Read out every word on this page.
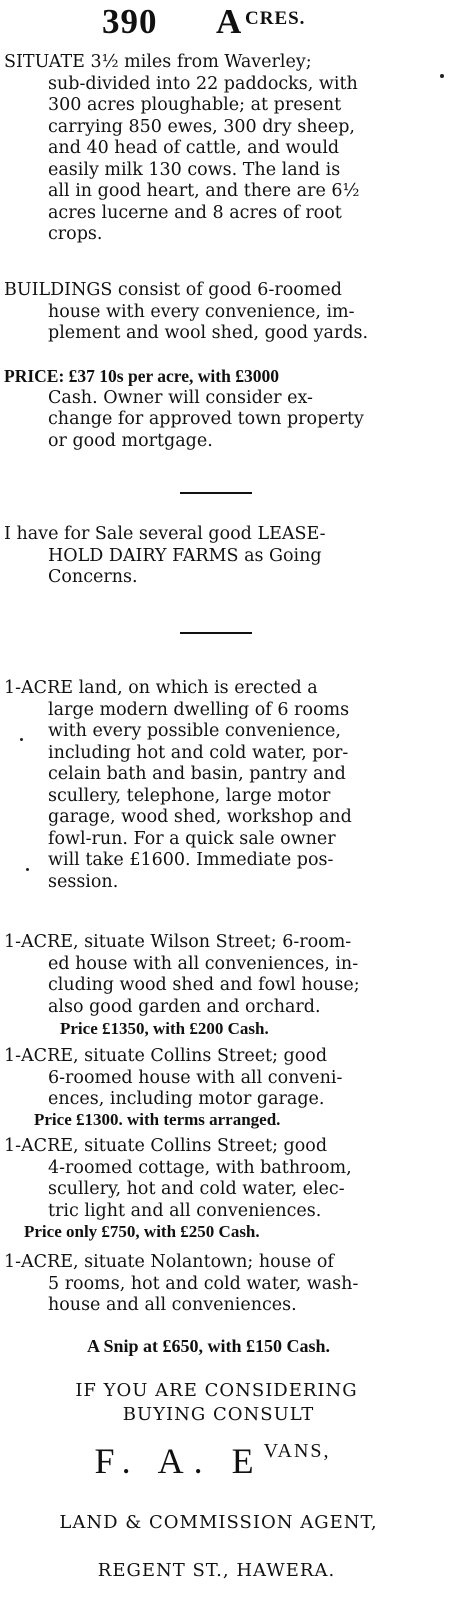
390 A CRES.

SITUATE 3½ miles from Waverley;
sub-divided into 22 paddocks, with
300 acres ploughable; at present
carrying 850 ewes, 300 dry sheep,
and 40 head of cattle, and would
easily milk 130 cows. The land is
all in good heart, and there are 6½
acres lucerne and 8 acres of root
crops.

BUILDINGS consist of good 6-roomed
house with every convenience, im-
plement and wool shed, good yards.

PRICE: £37 10s per acre, with £3000
Cash. Owner will consider ex-
change for approved town property
or good mortgage.

I have for Sale several good LEASE-
HOLD DAIRY FARMS as Going
Concerns.

1-ACRE land, on which is erected a
large modern dwelling of 6 rooms
with every possible convenience,
including hot and cold water, por-
celain bath and basin, pantry and
scullery, telephone, large motor
garage, wood shed, workshop and
fowl-run. For a quick sale owner
will take £1600. Immediate pos-
session.

1-ACRE, situate Wilson Street; 6-room-
ed house with all conveniences, in-
cluding wood shed and fowl house;
also good garden and orchard.

Price £1350, with £200 Cash.

1-ACRE, situate Collins Street; good
6-roomed house with all conveni-
ences, including motor garage.

Price £1300. with terms arranged.

1-ACRE, situate Collins Street; good
4-roomed cottage, with bathroom,
scullery, hot and cold water, elec-
tric light and all conveniences.

Price only £750, with £250 Cash.

1-ACRE, situate Nolantown; house of
5 rooms, hot and cold water, wash-
house and all conveniences.

A Snip at £650, with £150 Cash.
IF YOU ARE CONSIDERING
BUYING CONSULT
F. A. $E^{VANS,}$
LAND & COMMISSION AGENT,
REGENT ST., HAWERA.
